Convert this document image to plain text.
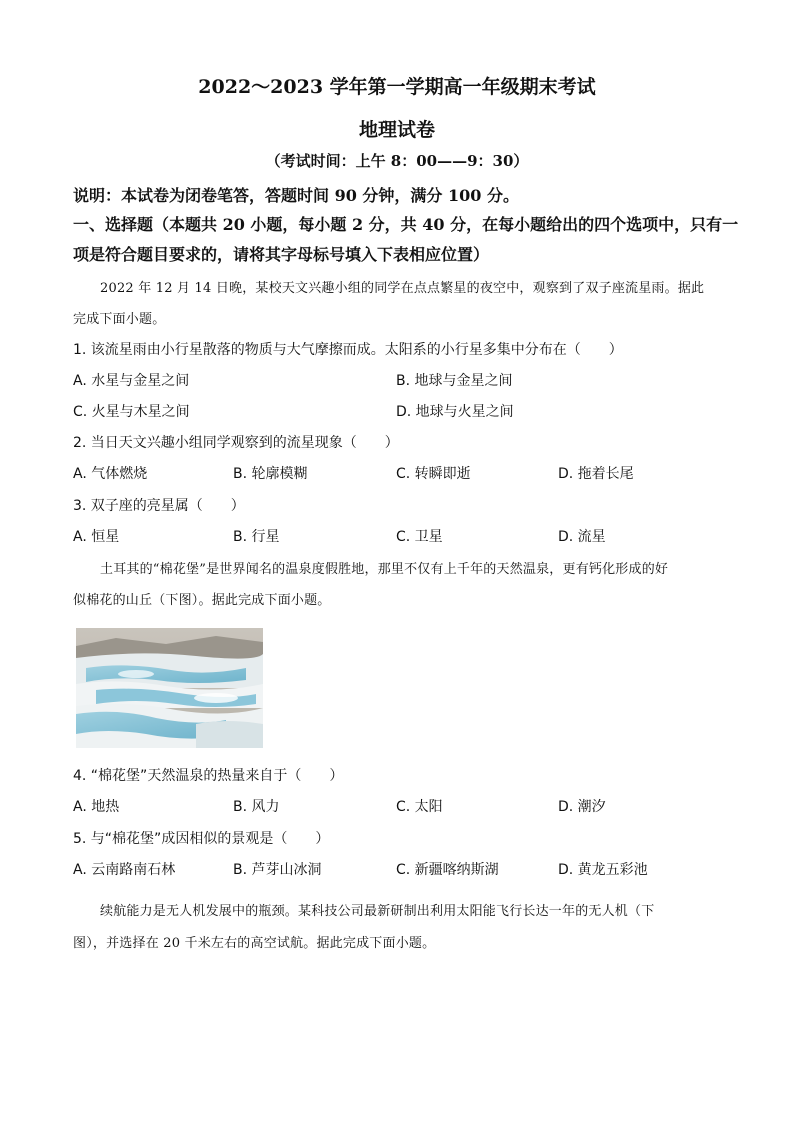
2022～2023 学年第一学期高一年级期末考试
地理试卷
（考试时间：上午 8：00——9：30）
说明：本试卷为闭卷笔答，答题时间 90 分钟，满分 100 分。
一、选择题（本题共 20 小题，每小题 2 分，共 40 分，在每小题给出的四个选项中，只有一
项是符合题目要求的，请将其字母标号填入下表相应位置）
2022 年 12 月 14 日晚，某校天文兴趣小组的同学在点点繁星的夜空中，观察到了双子座流星雨。据此
完成下面小题。
1. 该流星雨由小行星散落的物质与大气摩擦而成。太阳系的小行星多集中分布在（　　）
A. 水星与金星之间	B. 地球与金星之间
C. 火星与木星之间	D. 地球与火星之间
2. 当日天文兴趣小组同学观察到的流星现象（　　）
A. 气体燃烧	B. 轮廓模糊	C. 转瞬即逝	D. 拖着长尾
3. 双子座的亮星属（　　）
A. 恒星	B. 行星	C. 卫星	D. 流星
土耳其的“棉花堡”是世界闻名的温泉度假胜地，那里不仅有上千年的天然温泉，更有钙化形成的好
似棉花的山丘（下图）。据此完成下面小题。
4. “棉花堡”天然温泉的热量来自于（　　）
A. 地热	B. 风力	C. 太阳	D. 潮汐
5. 与“棉花堡”成因相似的景观是（　　）
A. 云南路南石林	B. 芦芽山冰洞	C. 新疆喀纳斯湖	D. 黄龙五彩池
续航能力是无人机发展中的瓶颈。某科技公司最新研制出利用太阳能飞行长达一年的无人机（下
图），并选择在 20 千米左右的高空试航。据此完成下面小题。
